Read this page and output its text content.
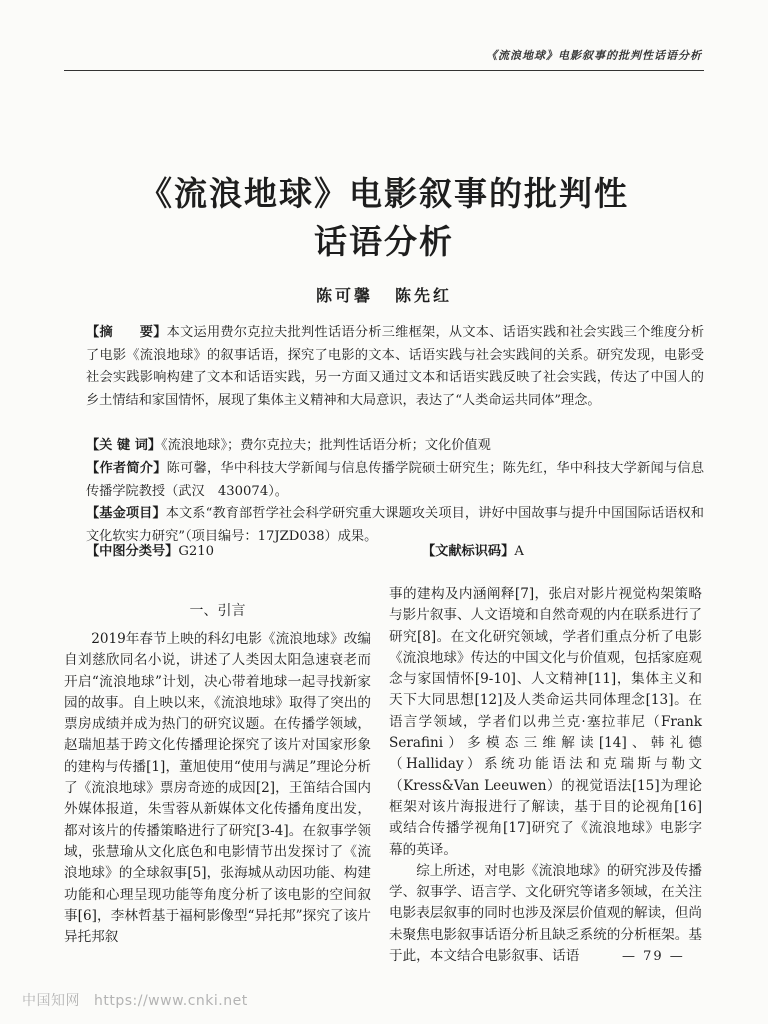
《流浪地球》电影叙事的批判性话语分析
《流浪地球》电影叙事的批判性
话语分析
陈可馨 陈先红

【摘　　要】本文运用费尔克拉夫批判性话语分析三维框架，从文本、话语实践和社会实践三个维度分析了电影《流浪地球》的叙事话语，探究了电影的文本、话语实践与社会实践间的关系。研究发现，电影受社会实践影响构建了文本和话语实践，另一方面又通过文本和话语实践反映了社会实践，传达了中国人的乡土情结和家国情怀，展现了集体主义精神和大局意识，表达了“人类命运共同体”理念。

【关 键 词】《流浪地球》；费尔克拉夫；批判性话语分析；文化价值观

【作者简介】陈可馨，华中科技大学新闻与信息传播学院硕士研究生；陈先红，华中科技大学新闻与信息传播学院教授（武汉　430074）。

【基金项目】本文系“教育部哲学社会科学研究重大课题攻关项目，讲好中国故事与提升中国国际话语权和文化软实力研究”（项目编号：17JZD038）成果。

【中图分类号】G210	【文献标识码】A
一、引言

2019年春节上映的科幻电影《流浪地球》改编自刘慈欣同名小说，讲述了人类因太阳急速衰老而开启“流浪地球”计划，决心带着地球一起寻找新家园的故事。自上映以来，《流浪地球》取得了突出的票房成绩并成为热门的研究议题。在传播学领域，赵瑞旭基于跨文化传播理论探究了该片对国家形象的建构与传播[1]，董旭使用“使用与满足”理论分析了《流浪地球》票房奇迹的成因[2]，王笛结合国内外媒体报道，朱雪蓉从新媒体文化传播角度出发，都对该片的传播策略进行了研究[3-4]。在叙事学领域，张慧瑜从文化底色和电影情节出发探讨了《流浪地球》的全球叙事[5]，张海城从动因功能、构建功能和心理呈现功能等角度分析了该电影的空间叙事[6]，李林哲基于福柯影像型“异托邦”探究了该片异托邦叙

事的建构及内涵阐释[7]，张启对影片视觉构架策略与影片叙事、人文语境和自然奇观的内在联系进行了研究[8]。在文化研究领域，学者们重点分析了电影《流浪地球》传达的中国文化与价值观，包括家庭观念与家国情怀[9-10]、人文精神[11]，集体主义和天下大同思想[12]及人类命运共同体理念[13]。在语言学领域，学者们以弗兰克·塞拉菲尼（Frank Serafini）多模态三维解读[14]、韩礼德（Halliday）系统功能语法和克瑞斯与勒文（Kress&Van Leeuwen）的视觉语法[15]为理论框架对该片海报进行了解读，基于目的论视角[16]或结合传播学视角[17]研究了《流浪地球》电影字幕的英译。

综上所述，对电影《流浪地球》的研究涉及传播学、叙事学、语言学、文化研究等诸多领域，在关注电影表层叙事的同时也涉及深层价值观的解读，但尚未聚焦电影叙事话语分析且缺乏系统的分析框架。基于此，本文结合电影叙事、话语	— 79 —
中国知网 https://www.cnki.net
